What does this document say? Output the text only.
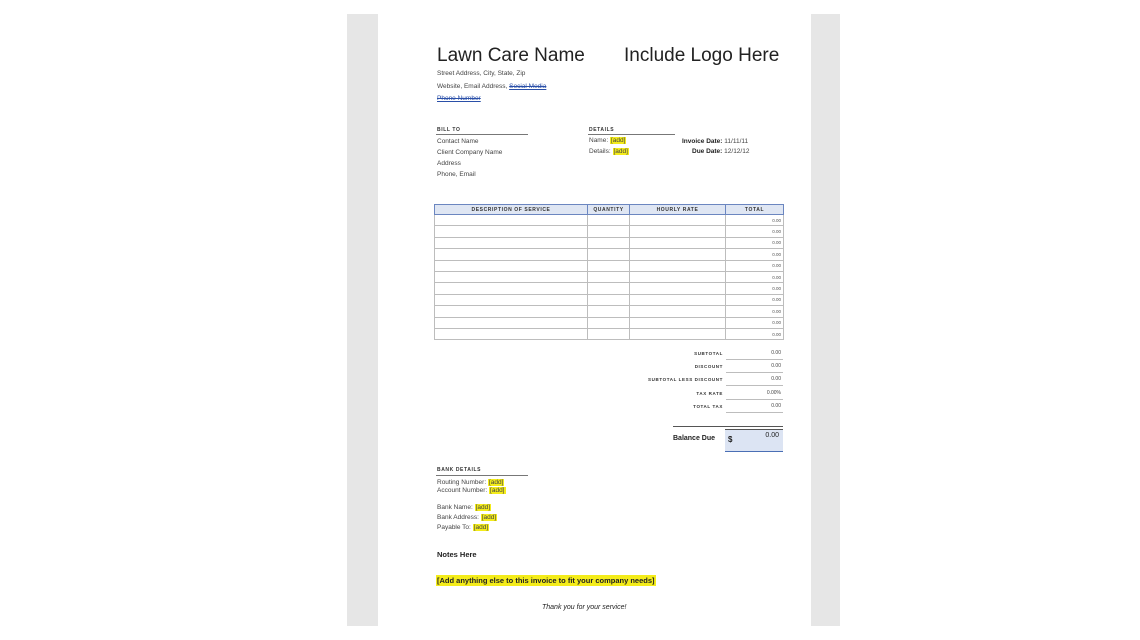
Lawn Care Name Include Logo Here
Street Address, City, State, Zip
Website, Email Address, Social Media
Phone Number
BILL TO
Contact Name
Client Company Name
Address
Phone, Email
DETAILS
Name: [add]
Details: [add]
Invoice Date: 11/11/11
Due Date: 12/12/12
DESCRIPTION OF SERVICE	QUANTITY	HOURLY RATE	TOTAL
			0.00
			0.00
			0.00
			0.00
			0.00
			0.00
			0.00
			0.00
			0.00
			0.00
			0.00
SUBTOTAL	0.00
DISCOUNT	0.00
SUBTOTAL LESS DISCOUNT	0.00
TAX RATE	0.00%
TOTAL TAX	0.00
Balance Due $	0.00
BANK DETAILS
Routing Number: [add]
Account Number: [add]
Bank Name: [add]
Bank Address: [add]
Payable To: [add]
Notes Here
[Add anything else to this invoice to fit your company needs]
Thank you for your service!
